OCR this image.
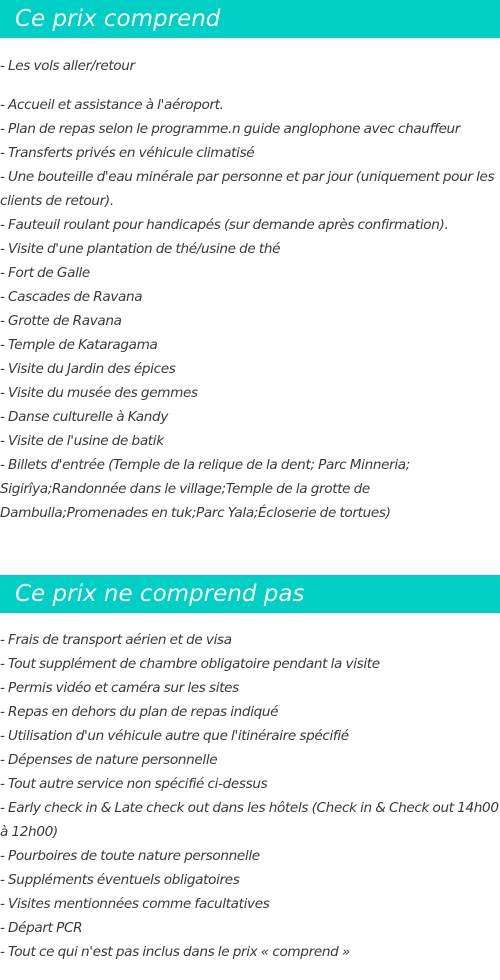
Ce prix comprend
- Les vols aller/retour
- Accueil et assistance à l'aéroport.
- Plan de repas selon le programme.n guide anglophone avec chauffeur
- Transferts privés en véhicule climatisé
- Une bouteille d'eau minérale par personne et par jour (uniquement pour les clients de retour).
- Fauteuil roulant pour handicapés (sur demande après confirmation).
- Visite d'une plantation de thé/usine de thé
- Fort de Galle
- Cascades de Ravana
- Grotte de Ravana
- Temple de Kataragama
- Visite du Jardin des épices
- Visite du musée des gemmes
- Danse culturelle à Kandy
- Visite de l'usine de batik
- Billets d'entrée (Temple de la relique de la dent; Parc Minneria; Sigirîya;Randonnée dans le village;Temple de la grotte de Dambulla;Promenades en tuk;Parc Yala;Écloserie de tortues)
Ce prix ne comprend pas
- Frais de transport aérien et de visa
- Tout supplément de chambre obligatoire pendant la visite
- Permis vidéo et caméra sur les sites
- Repas en dehors du plan de repas indiqué
- Utilisation d'un véhicule autre que l'itinéraire spécifié
- Dépenses de nature personnelle
- Tout autre service non spécifié ci-dessus
- Early check in & Late check out dans les hôtels (Check in & Check out 14h00 à 12h00)
- Pourboires de toute nature personnelle
- Suppléments éventuels obligatoires
- Visites mentionnées comme facultatives
- Départ PCR
- Tout ce qui n'est pas inclus dans le prix « comprend »
